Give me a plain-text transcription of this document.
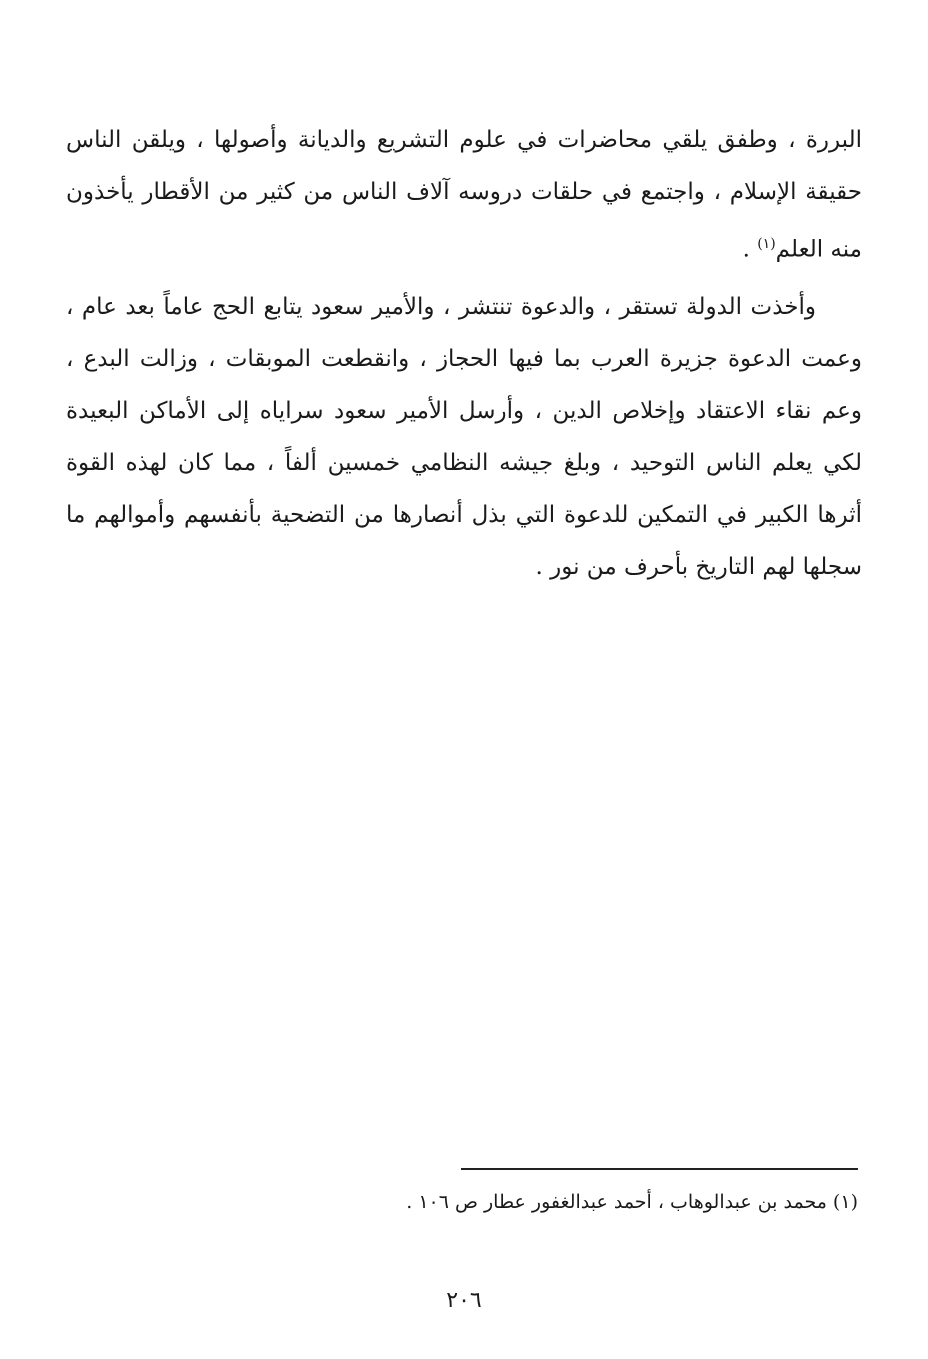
البررة ، وطفق يلقي محاضرات في علوم التشريع والديانة وأصولها ، ويلقن الناس حقيقة الإسلام ، واجتمع في حلقات دروسه آلاف الناس من كثير من الأقطار يأخذون منه العلم$^{(١)}$ .

وأخذت الدولة تستقر ، والدعوة تنتشر ، والأمير سعود يتابع الحج عاماً بعد عام ، وعمت الدعوة جزيرة العرب بما فيها الحجاز ، وانقطعت الموبقات ، وزالت البدع ، وعم نقاء الاعتقاد وإخلاص الدين ، وأرسل الأمير سعود سراياه إلى الأماكن البعيدة لكي يعلم الناس التوحيد ، وبلغ جيشه النظامي خمسين ألفاً ، مما كان لهذه القوة أثرها الكبير في التمكين للدعوة التي بذل أنصارها من التضحية بأنفسهم وأموالهم ما سجلها لهم التاريخ بأحرف من نور .

(١) محمد بن عبدالوهاب ، أحمد عبدالغفور عطار ص ١٠٦ .
٢٠٦
